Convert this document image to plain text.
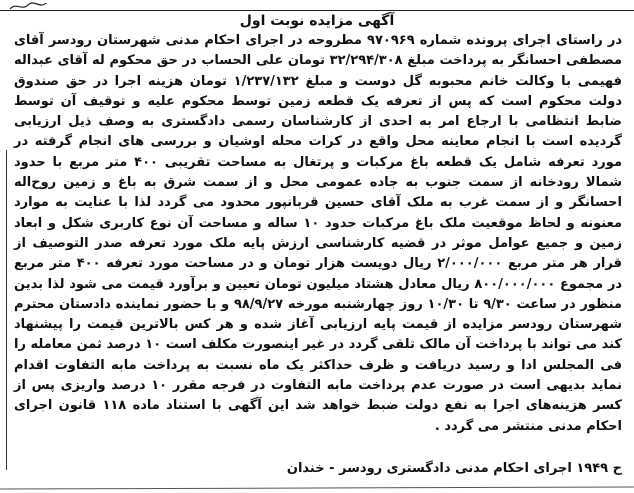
آگهی مزایده نوبت اول

در راستای اجرای پرونده شماره ۹۷۰۹۶۹ مطروحه در اجرای احکام مدنی شهرستان رودسر آقای مصطفی احسانگر به پرداخت مبلغ ۳۲/۲۹۴/۳۰۸ تومان علی الحساب در حق محکوم له آقای عبداله فهیمی با وکالت خانم محبوبه گل دوست و مبلغ ۱/۲۳۷/۱۳۲ تومان هزینه اجرا در حق صندوق دولت محکوم است که پس از تعرفه یک قطعه زمین توسط محکوم علیه و توقیف آن توسط ضابط انتظامی با ارجاع امر به احدی از کارشناسان رسمی دادگستری به وصف ذیل ارزیابی گردیده است با انجام معاینه محل واقع در کرات محله اوشیان و بررسی های انجام گرفته در مورد تعرفه شامل یک قطعه باغ مرکبات و پرتغال به مساحت تقریبی ۴۰۰ متر مربع با حدود شمالا رودخانه از سمت جنوب به جاده عمومی محل و از سمت شرق به باغ و زمین روح‌اله احسانگر و از سمت غرب به ملک آقای حسین قربانپور محدود می گردد لذا با عنایت به موارد معنونه و لحاظ موقعیت ملک باغ مرکبات حدود ۱۰ ساله و مساحت آن نوع کاربری شکل و ابعاد زمین و جمیع عوامل موثر در قضیه کارشناسی ارزش پایه ملک مورد تعرفه صدر التوصیف از قرار هر متر مربع ۲/۰۰۰/۰۰۰ ریال دویست هزار تومان و در مساحت مورد تعرفه ۴۰۰ متر مربع در مجموع ۸۰۰/۰۰۰/۰۰۰ ریال معادل هشتاد میلیون تومان تعیین و برآورد قیمت می شود لذا بدین منظور در ساعت ۹/۳۰ تا ۱۰/۳۰ روز چهارشنبه مورخه ۹۸/۹/۲۷ و با حضور نماینده دادستان محترم شهرستان رودسر مزایده از قیمت پایه ارزیابی آغاز شده و هر کس بالاترین قیمت را پیشنهاد کند می تواند با پرداخت آن مالک تلقی گردد در غیر اینصورت مکلف است ۱۰ درصد ثمن معامله را فی المجلس ادا و رسید دریافت و ظرف حداکثر یک ماه نسبت به پرداخت مابه التفاوت اقدام نماید بدیهی است در صورت عدم پرداخت مابه التفاوت در فرجه مقرر ۱۰ درصد واریزی پس از کسر هزینه‌های اجرا به نفع دولت ضبط خواهد شد این آگهی با استناد ماده ۱۱۸ قانون اجرای احکام مدنی منتشر می گردد .

ح ۱۹۴۹ اجرای احکام مدنی دادگستری رودسر - خندان
